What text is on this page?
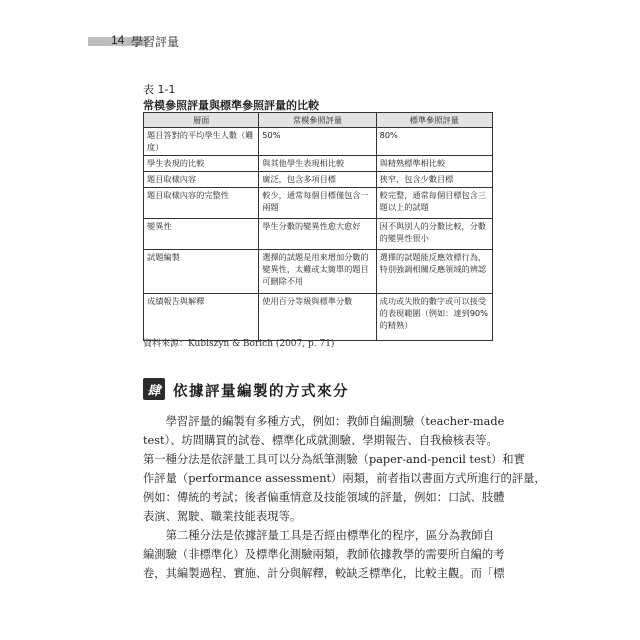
14 學習評量
表 1-1
常模參照評量與標準參照評量的比較
層面	常模參照評量	標準參照評量
題目答對的平均學生人數（難度）	50%	80%
學生表現的比較	與其他學生表現相比較	與精熟標準相比較
題目取樣內容	廣泛，包含多項目標	狹窄，包含少數目標
題目取樣內容的完整性	較少，通常每個目標僅包含一兩題	較完整，通常每個目標包含三題以上的試題
變異性	學生分數的變異性愈大愈好	因不與別人的分數比較，分數的變異性很小
試題編製	選擇的試題是用來增加分數的變異性，太難或太簡單的題目可刪除不用	選擇的試題能反應效標行為，特別強調相關反應領域的辨認
成績報告與解釋	使用百分等級與標準分數	成功或失敗的數字或可以接受的表現範圍（例如：達到90% 的精熟）
資料來源：Kubiszyn & Borich (2007, p. 71)
肆 依據評量編製的方式來分

　　學習評量的編製有多種方式，例如：教師自編測驗（teacher-made

test）、坊間購買的試卷、標準化成就測驗、學期報告、自我檢核表等。

第一種分法是依評量工具可以分為紙筆測驗（paper-and-pencil test）和實

作評量（performance assessment）兩類，前者指以書面方式所進行的評量，

例如：傳統的考試；後者偏重情意及技能領域的評量，例如：口試、肢體

表演、駕駛、職業技能表現等。

　　第二種分法是依據評量工具是否經由標準化的程序，區分為教師自

編測驗（非標準化）及標準化測驗兩類，教師依據教學的需要所自編的考

卷，其編製過程、實施、計分與解釋，較缺乏標準化，比較主觀。而「標
